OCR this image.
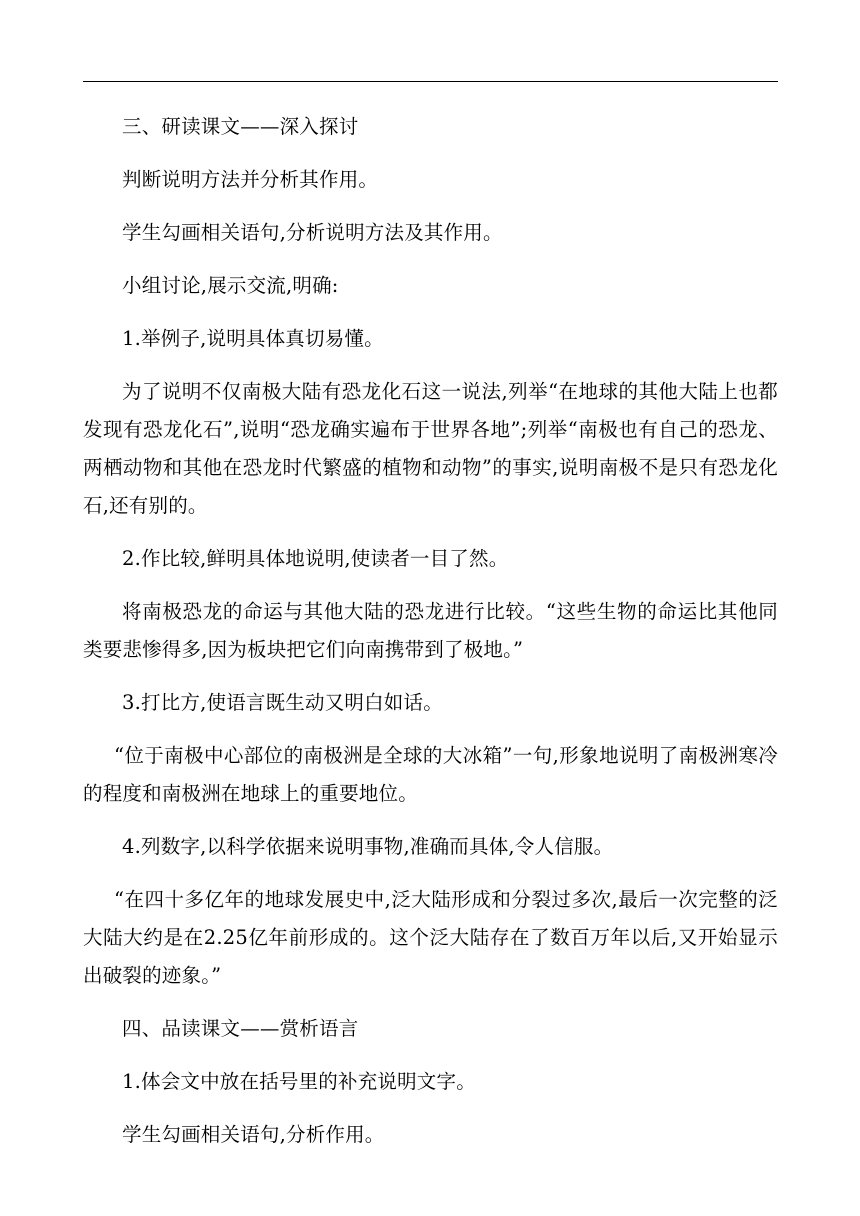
三、研读课文——深入探讨

判断说明方法并分析其作用。

学生勾画相关语句,分析说明方法及其作用。

小组讨论,展示交流,明确:

1.举例子,说明具体真切易懂。

为了说明不仅南极大陆有恐龙化石这一说法,列举“在地球的其他大陆上也都发现有恐龙化石”,说明“恐龙确实遍布于世界各地”;列举“南极也有自己的恐龙、两栖动物和其他在恐龙时代繁盛的植物和动物”的事实,说明南极不是只有恐龙化石,还有别的。

2.作比较,鲜明具体地说明,使读者一目了然。

将南极恐龙的命运与其他大陆的恐龙进行比较。“这些生物的命运比其他同类要悲惨得多,因为板块把它们向南携带到了极地。”

3.打比方,使语言既生动又明白如话。

“位于南极中心部位的南极洲是全球的大冰箱”一句,形象地说明了南极洲寒冷的程度和南极洲在地球上的重要地位。

4.列数字,以科学依据来说明事物,准确而具体,令人信服。

“在四十多亿年的地球发展史中,泛大陆形成和分裂过多次,最后一次完整的泛大陆大约是在2.25亿年前形成的。这个泛大陆存在了数百万年以后,又开始显示出破裂的迹象。”

四、品读课文——赏析语言

1.体会文中放在括号里的补充说明文字。

学生勾画相关语句,分析作用。
